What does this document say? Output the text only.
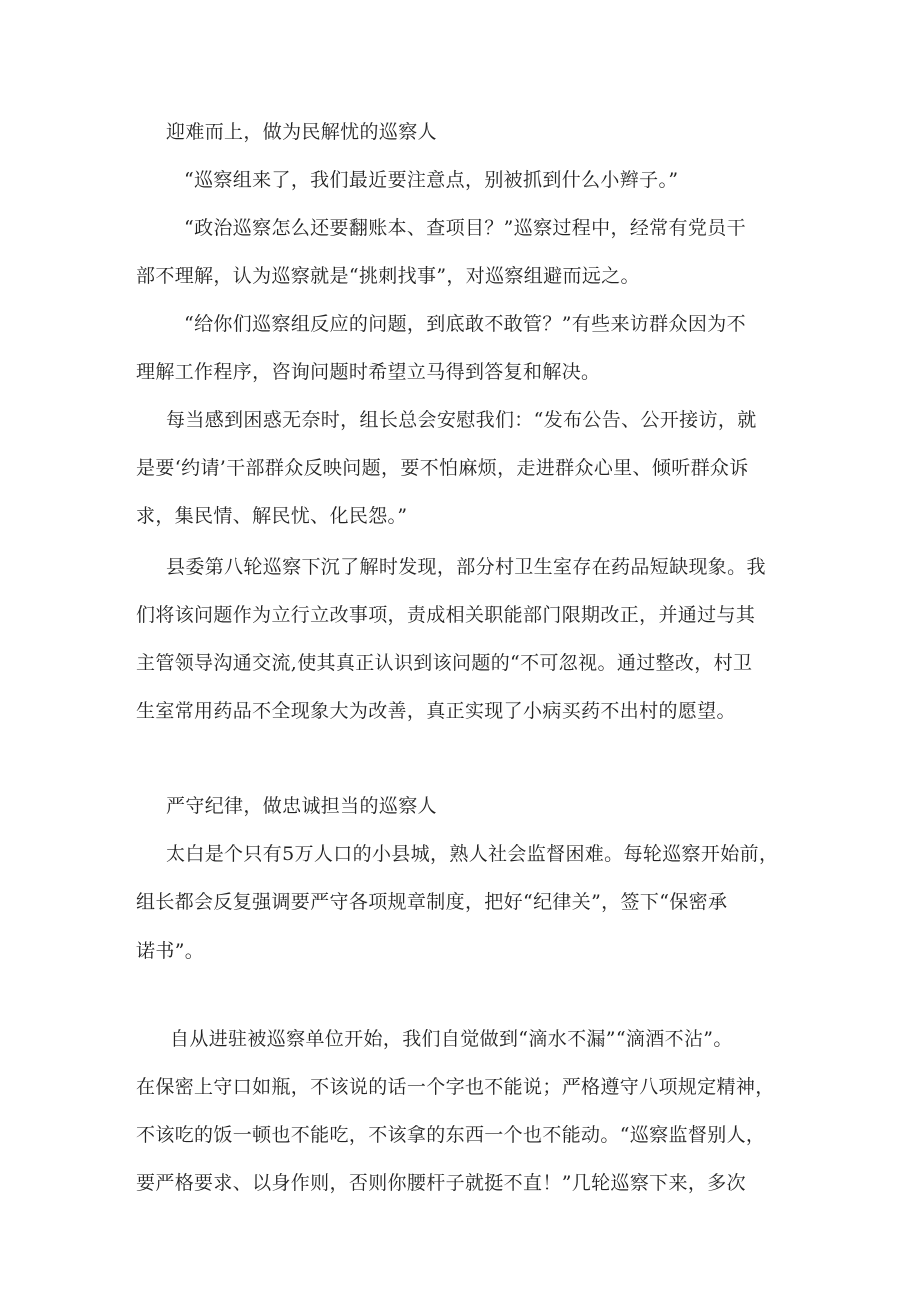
迎难而上，做为民解忧的巡察人
“巡察组来了，我们最近要注意点，别被抓到什么小辫子。”
“政治巡察怎么还要翻账本、查项目？”巡察过程中，经常有党员干
部不理解，认为巡察就是“挑刺找事”，对巡察组避而远之。
“给你们巡察组反应的问题，到底敢不敢管？”有些来访群众因为不
理解工作程序，咨询问题时希望立马得到答复和解决。
每当感到困惑无奈时，组长总会安慰我们：“发布公告、公开接访，就
是要‘约请’干部群众反映问题，要不怕麻烦，走进群众心里、倾听群众诉
求，集民情、解民忧、化民怨。”
县委第八轮巡察下沉了解时发现，部分村卫生室存在药品短缺现象。我
们将该问题作为立行立改事项，责成相关职能部门限期改正，并通过与其
主管领导沟通交流,使其真正认识到该问题的“不可忽视。通过整改，村卫
生室常用药品不全现象大为改善，真正实现了小病买药不出村的愿望。
严守纪律，做忠诚担当的巡察人
太白是个只有5万人口的小县城，熟人社会监督困难。每轮巡察开始前，
组长都会反复强调要严守各项规章制度，把好“纪律关”，签下“保密承
诺书”。
自从进驻被巡察单位开始，我们自觉做到“滴水不漏”“滴酒不沾”。
在保密上守口如瓶，不该说的话一个字也不能说；严格遵守八项规定精神，
不该吃的饭一顿也不能吃，不该拿的东西一个也不能动。“巡察监督别人，
要严格要求、以身作则，否则你腰杆子就挺不直！”几轮巡察下来，多次
